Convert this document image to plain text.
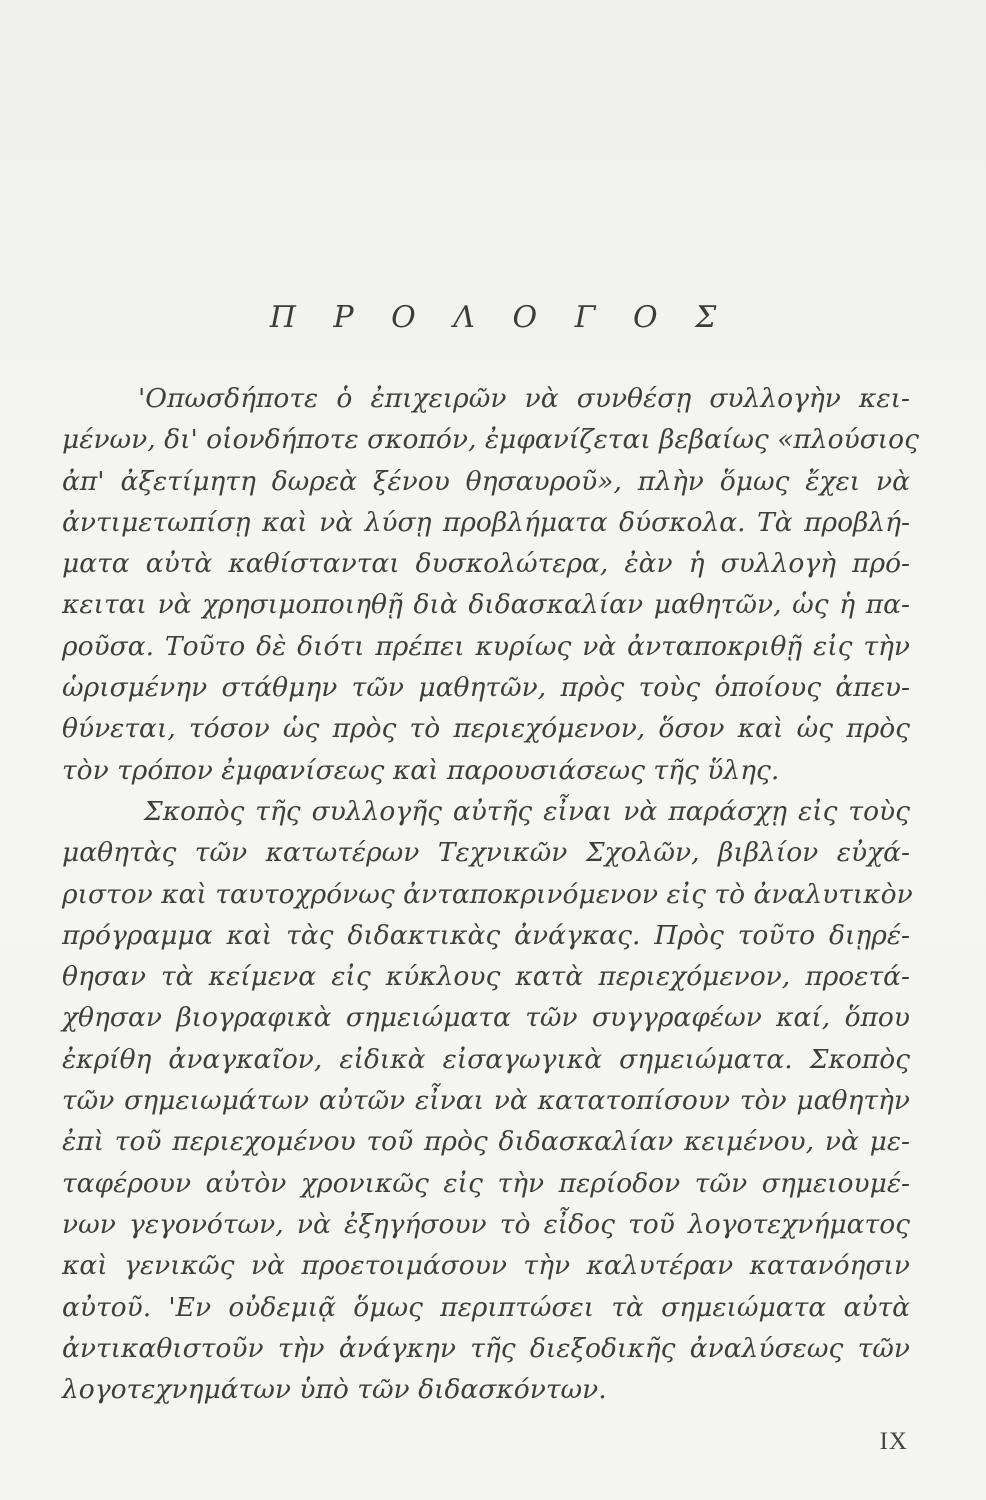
Π Ρ Ο Λ Ο Γ Ο Σ
'Οπωσδήποτε ὁ ἐπιχειρῶν νὰ συνθέσῃ συλλογὴν κει-
μένων, δι' οἱονδήποτε σκοπόν, ἐμφανίζεται βεβαίως «πλούσιος
ἀπ' ἀξετίμητη δωρεὰ ξένου θησαυροῦ», πλὴν ὅμως ἔχει νὰ
ἀντιμετωπίσῃ καὶ νὰ λύσῃ προβλήματα δύσκολα. Τὰ προβλή-
ματα αὐτὰ καθίστανται δυσκολώτερα, ἐὰν ἡ συλλογὴ πρό-
κειται νὰ χρησιμοποιηθῇ διὰ διδασκαλίαν μαθητῶν, ὡς ἡ πα-
ροῦσα. Τοῦτο δὲ διότι πρέπει κυρίως νὰ ἀνταποκριθῇ εἰς τὴν
ὡρισμένην στάθμην τῶν μαθητῶν, πρὸς τοὺς ὁποίους ἀπευ-
θύνεται, τόσον ὡς πρὸς τὸ περιεχόμενον, ὅσον καὶ ὡς πρὸς
τὸν τρόπον ἐμφανίσεως καὶ παρουσιάσεως τῆς ὕλης.
Σκοπὸς τῆς συλλογῆς αὐτῆς εἶναι νὰ παράσχῃ εἰς τοὺς
μαθητὰς τῶν κατωτέρων Τεχνικῶν Σχολῶν, βιβλίον εὐχά-
ριστον καὶ ταυτοχρόνως ἀνταποκρινόμενον εἰς τὸ ἀναλυτικὸν
πρόγραμμα καὶ τὰς διδακτικὰς ἀνάγκας. Πρὸς τοῦτο διῃρέ-
θησαν τὰ κείμενα εἰς κύκλους κατὰ περιεχόμενον, προετά-
χθησαν βιογραφικὰ σημειώματα τῶν συγγραφέων καί, ὅπου
ἐκρίθη ἀναγκαῖον, εἰδικὰ εἰσαγωγικὰ σημειώματα. Σκοπὸς
τῶν σημειωμάτων αὐτῶν εἶναι νὰ κατατοπίσουν τὸν μαθητὴν
ἐπὶ τοῦ περιεχομένου τοῦ πρὸς διδασκαλίαν κειμένου, νὰ με-
ταφέρουν αὐτὸν χρονικῶς εἰς τὴν περίοδον τῶν σημειουμέ-
νων γεγονότων, νὰ ἐξηγήσουν τὸ εἶδος τοῦ λογοτεχνήματος
καὶ γενικῶς νὰ προετοιμάσουν τὴν καλυτέραν κατανόησιν
αὐτοῦ. 'Εν οὐδεμιᾷ ὅμως περιπτώσει τὰ σημειώματα αὐτὰ
ἀντικαθιστοῦν τὴν ἀνάγκην τῆς διεξοδικῆς ἀναλύσεως τῶν
λογοτεχνημάτων ὑπὸ τῶν διδασκόντων.
IX
